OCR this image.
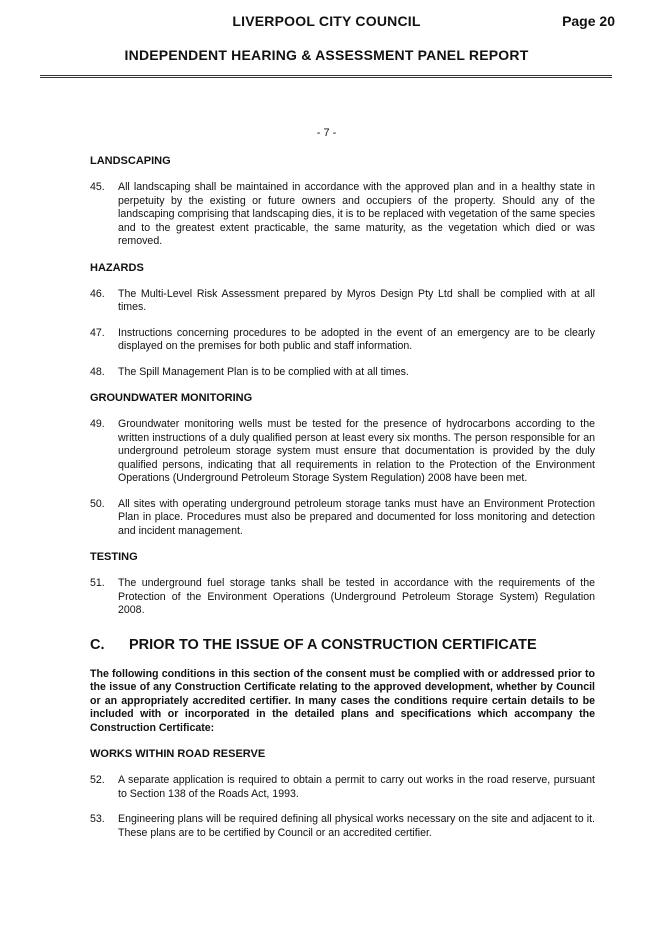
LIVERPOOL CITY COUNCIL	Page 20
INDEPENDENT HEARING & ASSESSMENT PANEL REPORT
- 7 -
LANDSCAPING
45.	All landscaping shall be maintained in accordance with the approved plan and in a healthy state in perpetuity by the existing or future owners and occupiers of the property. Should any of the landscaping comprising that landscaping dies, it is to be replaced with vegetation of the same species and to the greatest extent practicable, the same maturity, as the vegetation which died or was removed.
HAZARDS
46.	The Multi-Level Risk Assessment prepared by Myros Design Pty Ltd shall be complied with at all times.
47.	Instructions concerning procedures to be adopted in the event of an emergency are to be clearly displayed on the premises for both public and staff information.
48.	The Spill Management Plan is to be complied with at all times.
GROUNDWATER MONITORING
49.	Groundwater monitoring wells must be tested for the presence of hydrocarbons according to the written instructions of a duly qualified person at least every six months. The person responsible for an underground petroleum storage system must ensure that documentation is provided by the duly qualified persons, indicating that all requirements in relation to the Protection of the Environment Operations (Underground Petroleum Storage System Regulation) 2008 have been met.
50.	All sites with operating underground petroleum storage tanks must have an Environment Protection Plan in place. Procedures must also be prepared and documented for loss monitoring and detection and incident management.
TESTING
51.	The underground fuel storage tanks shall be tested in accordance with the requirements of the Protection of the Environment Operations (Underground Petroleum Storage System) Regulation 2008.
C.	PRIOR TO THE ISSUE OF A CONSTRUCTION CERTIFICATE
The following conditions in this section of the consent must be complied with or addressed prior to the issue of any Construction Certificate relating to the approved development, whether by Council or an appropriately accredited certifier. In many cases the conditions require certain details to be included with or incorporated in the detailed plans and specifications which accompany the Construction Certificate:
WORKS WITHIN ROAD RESERVE
52.	A separate application is required to obtain a permit to carry out works in the road reserve, pursuant to Section 138 of the Roads Act, 1993.
53.	Engineering plans will be required defining all physical works necessary on the site and adjacent to it. These plans are to be certified by Council or an accredited certifier.
